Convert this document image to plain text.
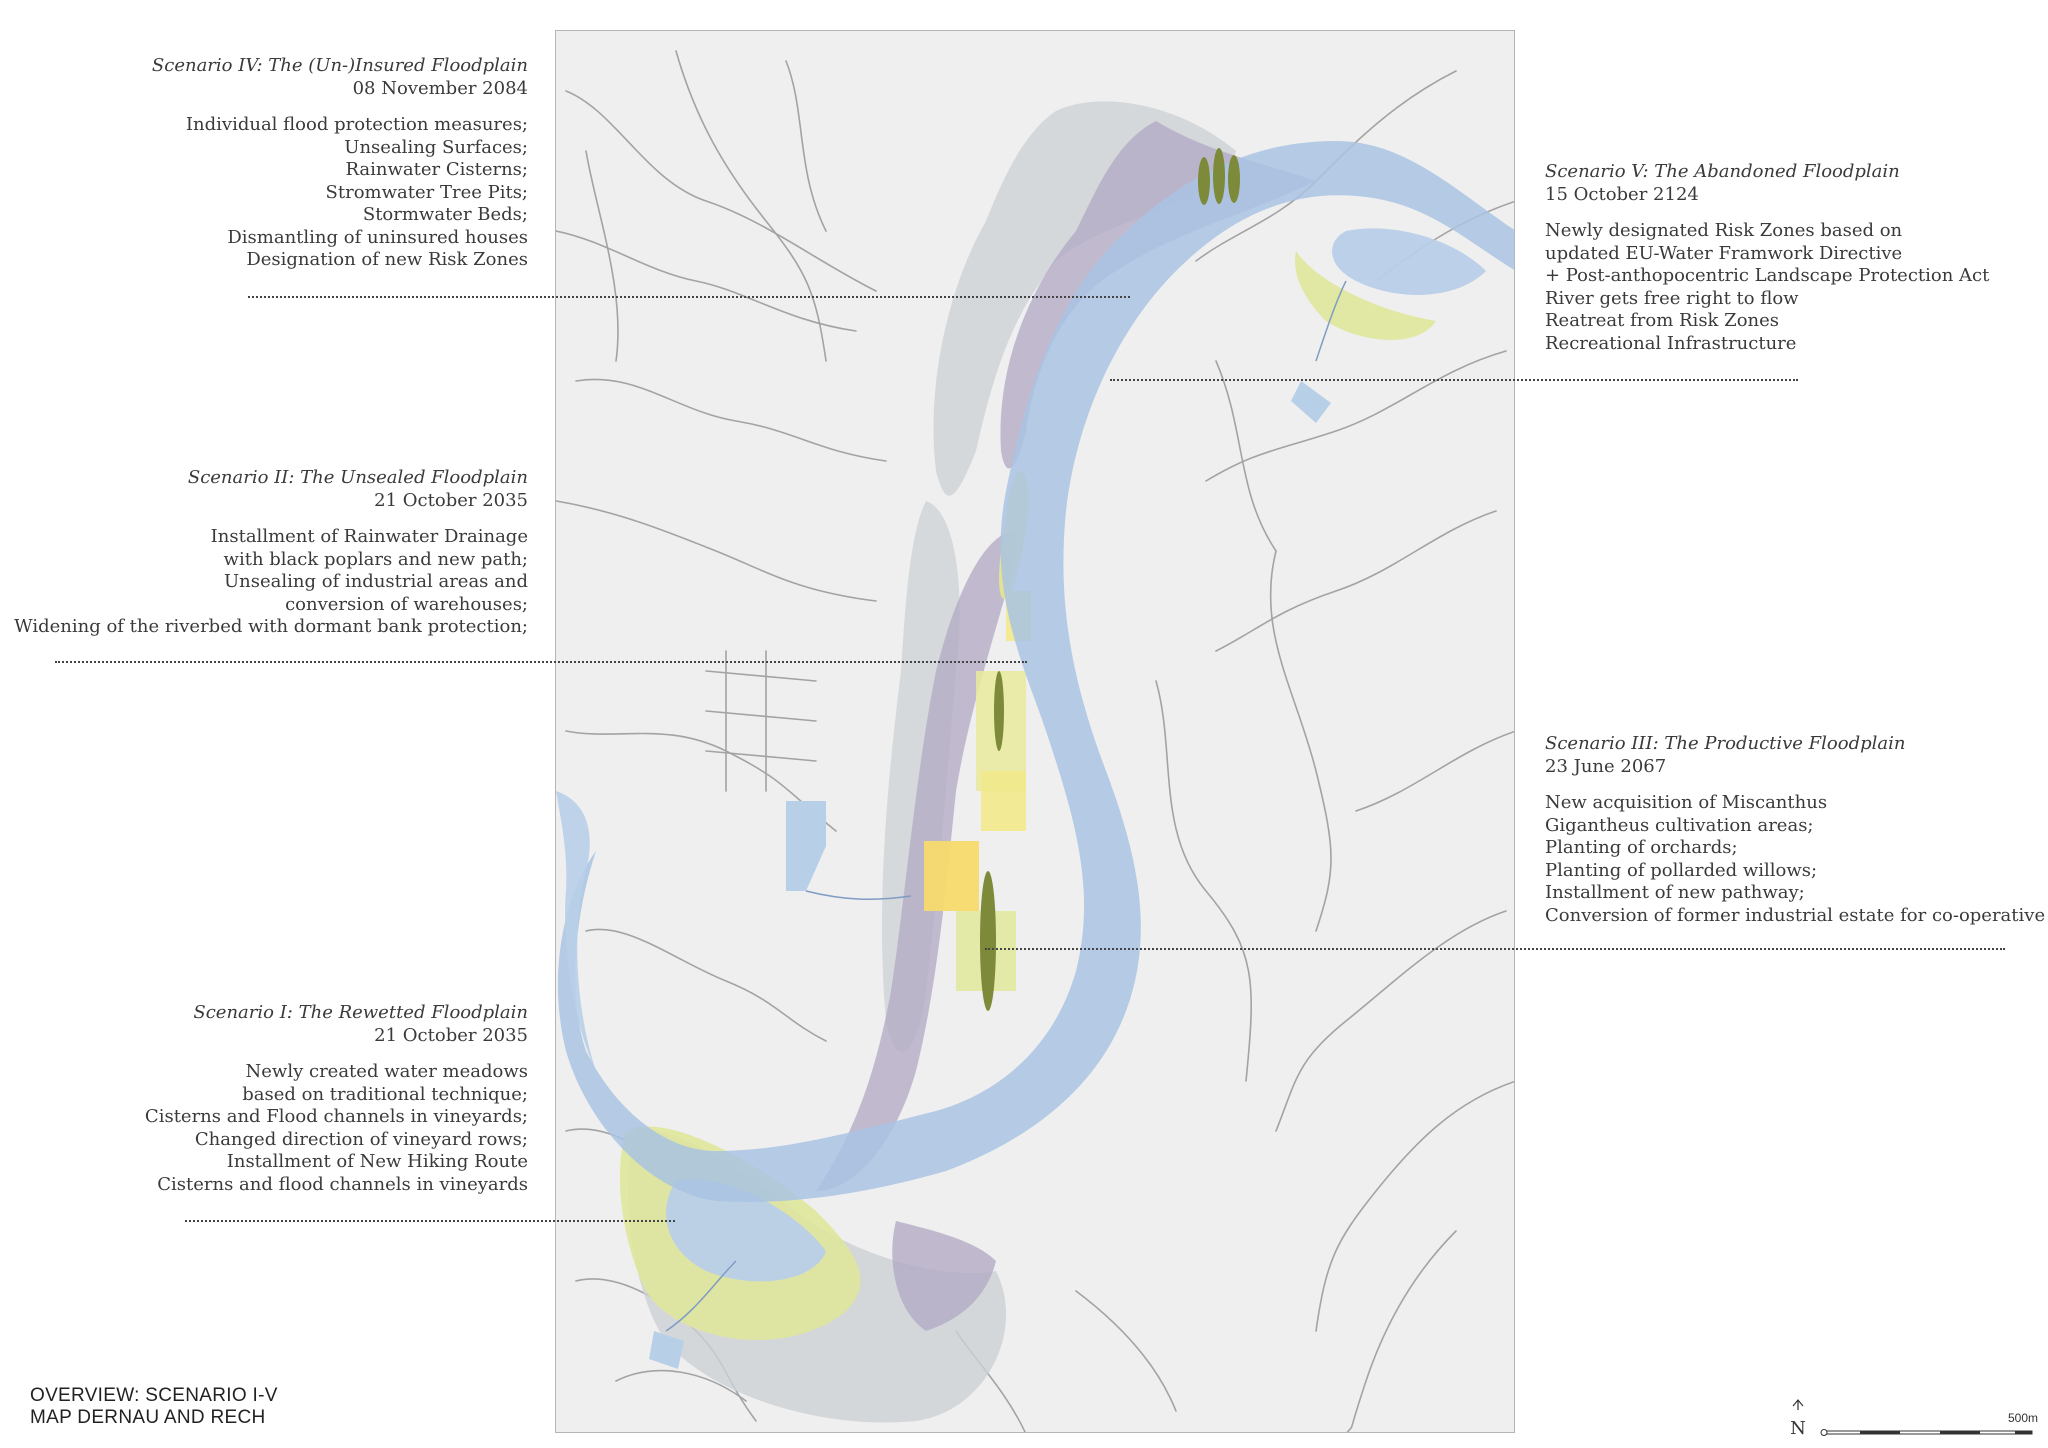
Scenario IV: The (Un-)Insured Floodplain
08 November 2084
Individual flood protection measures;
Unsealing Surfaces;
Rainwater Cisterns;
Stromwater Tree Pits;
Stormwater Beds;
Dismantling of uninsured houses
Designation of new Risk Zones
Scenario II: The Unsealed Floodplain
21 October 2035
Installment of Rainwater Drainage
with black poplars and new path;
Unsealing of industrial areas and
conversion of warehouses;
Widening of the riverbed with dormant bank protection;
Scenario I: The Rewetted Floodplain
21 October 2035
Newly created water meadows
based on traditional technique;
Cisterns and Flood channels in vineyards;
Changed direction of vineyard rows;
Installment of New Hiking Route
Cisterns and flood channels in vineyards
Scenario V: The Abandoned Floodplain
15 October 2124
Newly designated Risk Zones based on
updated EU-Water Framwork Directive
+ Post-anthopocentric Landscape Protection Act
River gets free right to flow
Reatreat from Risk Zones
Recreational Infrastructure
Scenario III: The Productive Floodplain
23 June 2067
New acquisition of Miscanthus
Gigantheus cultivation areas;
Planting of orchards;
Planting of pollarded willows;
Installment of new pathway;
Conversion of former industrial estate for co-operative
OVERVIEW: SCENARIO I-V
MAP DERNAU AND RECH
N	500m
